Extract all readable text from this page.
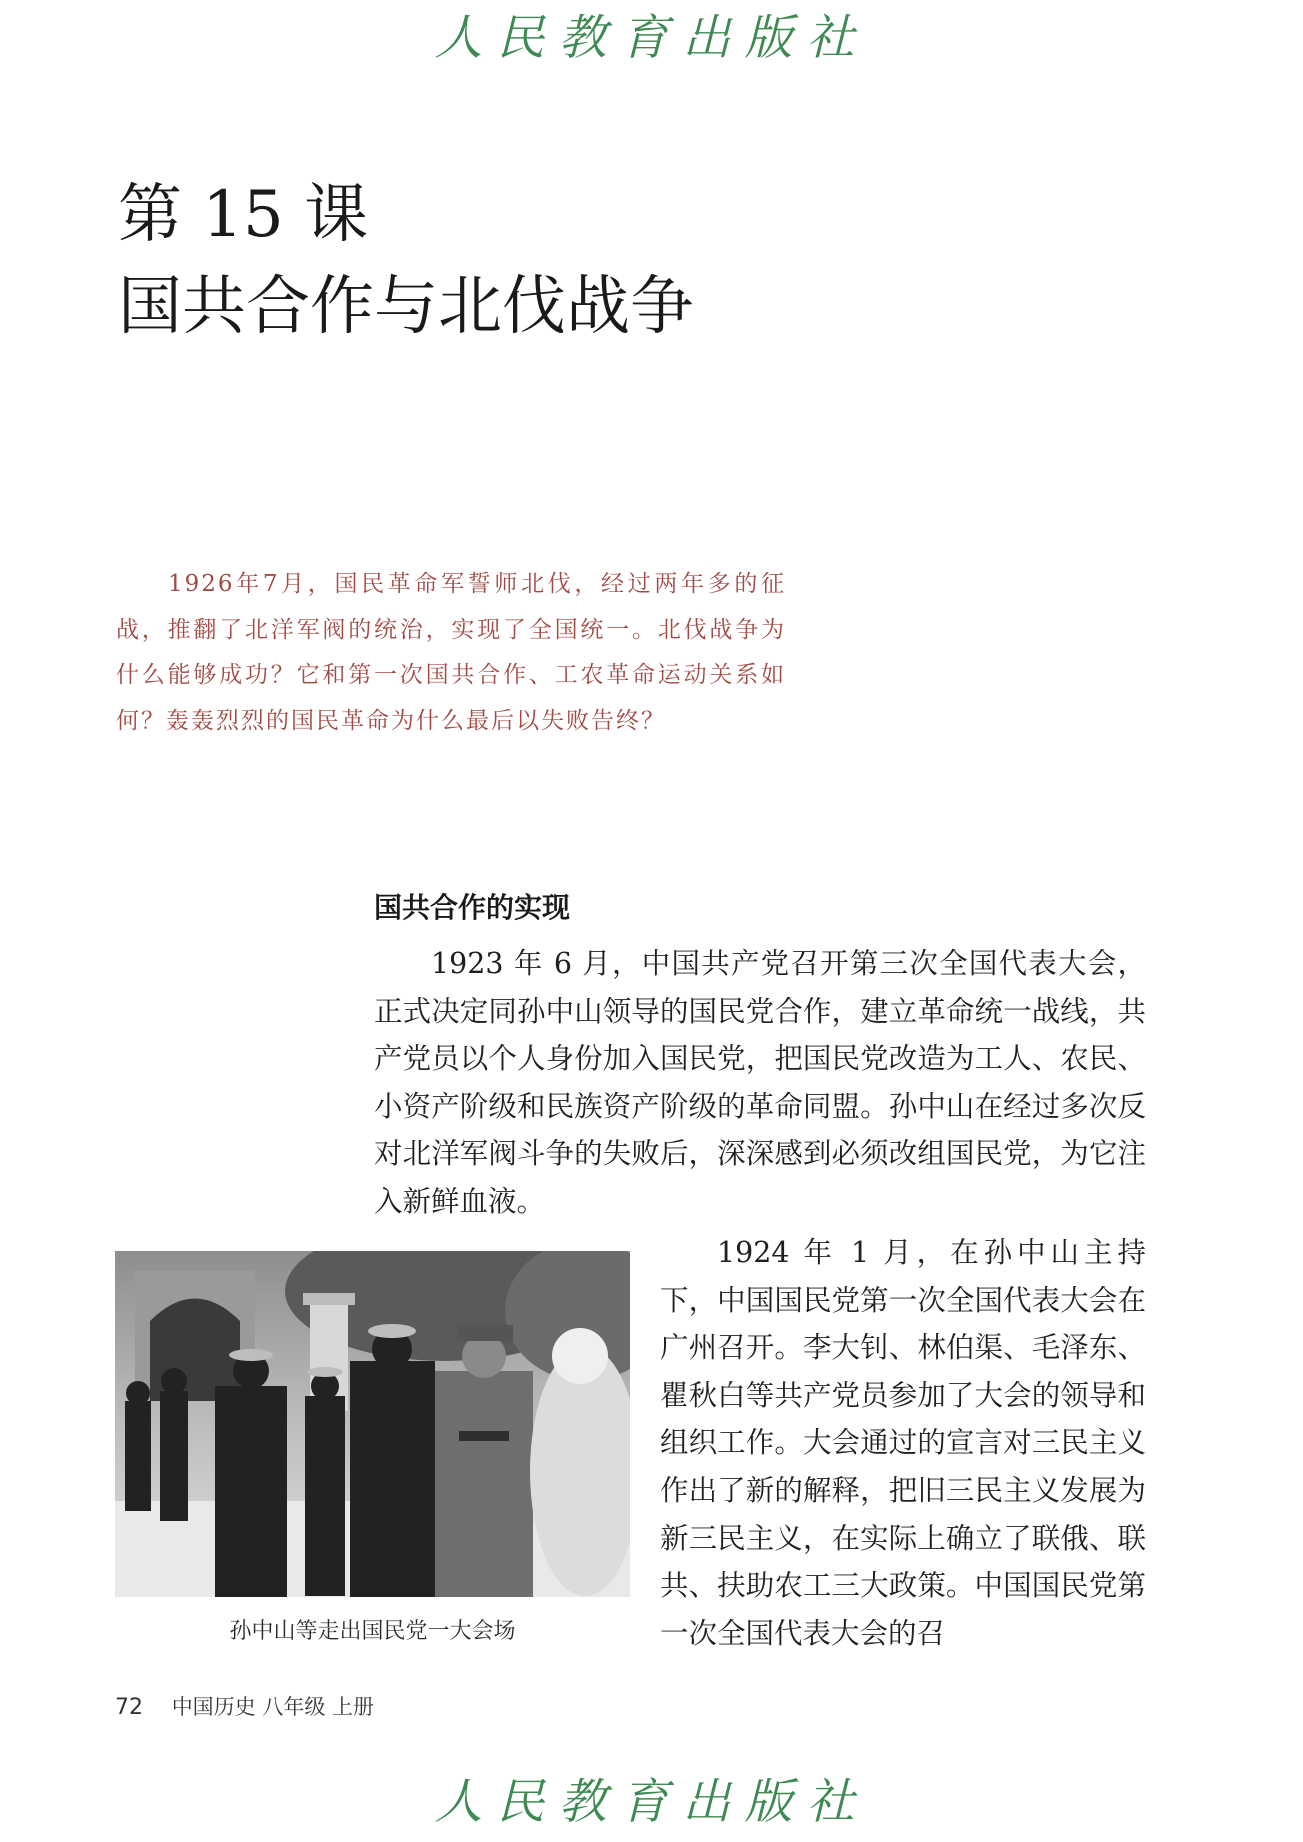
人民教育出版社
第 15 课
国共合作与北伐战争

1926年7月，国民革命军誓师北伐，经过两年多的征战，推翻了北洋军阀的统治，实现了全国统一。北伐战争为什么能够成功？它和第一次国共合作、工农革命运动关系如何？轰轰烈烈的国民革命为什么最后以失败告终？

国共合作的实现

1923 年 6 月，中国共产党召开第三次全国代表大会，正式决定同孙中山领导的国民党合作，建立革命统一战线，共产党员以个人身份加入国民党，把国民党改造为工人、农民、小资产阶级和民族资产阶级的革命同盟。孙中山在经过多次反对北洋军阀斗争的失败后，深深感到必须改组国民党，为它注入新鲜血液。

孙中山等走出国民党一大会场

1924 年 1 月，在孙中山主持下，中国国民党第一次全国代表大会在广州召开。李大钊、林伯渠、毛泽东、瞿秋白等共产党员参加了大会的领导和组织工作。大会通过的宣言对三民主义作出了新的解释，把旧三民主义发展为新三民主义，在实际上确立了联俄、联共、扶助农工三大政策。中国国民党第一次全国代表大会的召

72 中国历史 八年级 上册
人民教育出版社
